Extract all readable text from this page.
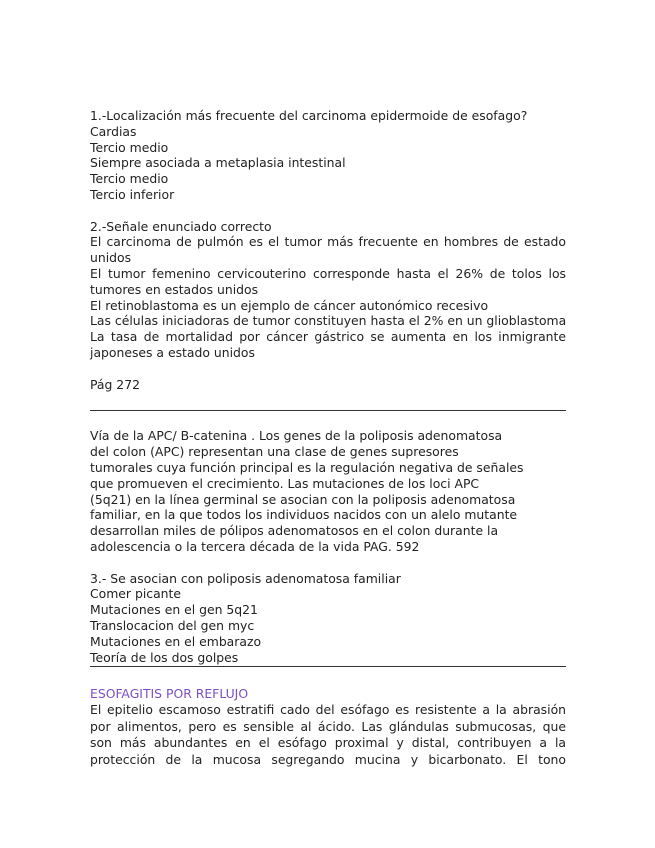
1.-Localización más frecuente del carcinoma epidermoide de esofago?
Cardias
Tercio medio
Siempre asociada a metaplasia intestinal
Tercio medio
Tercio inferior
2.-Señale enunciado correcto
El carcinoma de pulmón es el tumor más frecuente en hombres de estado
unidos
El tumor femenino cervicouterino corresponde hasta el 26% de tolos los
tumores en estados unidos
El retinoblastoma es un ejemplo de cáncer autonómico recesivo
Las células iniciadoras de tumor constituyen hasta el 2% en un glioblastoma
La tasa de mortalidad por cáncer gástrico se aumenta en los inmigrante
japoneses a estado unidos
Pág 272
Vía de la APC/ Β-catenina . Los genes de la poliposis adenomatosa
del colon (APC) representan una clase de genes supresores
tumorales cuya función principal es la regulación negativa de señales
que promueven el crecimiento. Las mutaciones de los loci APC
(5q21) en la línea germinal se asocian con la poliposis adenomatosa
familiar, en la que todos los individuos nacidos con un alelo mutante
desarrollan miles de pólipos adenomatosos en el colon durante la
adolescencia o la tercera década de la vida PAG. 592
3.- Se asocian con poliposis adenomatosa familiar
Comer picante
Mutaciones en el gen 5q21
Translocacion del gen myc
Mutaciones en el embarazo
Teoría de los dos golpes
ESOFAGITIS POR REFLUJO
El epitelio escamoso estratifi cado del esófago es resistente a la abrasión
por alimentos, pero es sensible al ácido. Las glándulas submucosas, que
son más abundantes en el esófago proximal y distal, contribuyen a la
protección de la mucosa segregando mucina y bicarbonato. El tono
